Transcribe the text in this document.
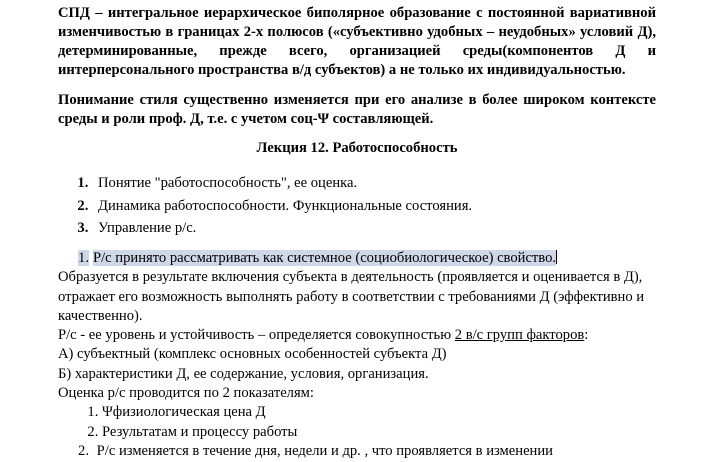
СПД – интегральное иерархическое биполярное образование с постоянной вариативной изменчивостью в границах 2-х полюсов («субъективно удобных – неудобных» условий Д), детерминированные, прежде всего, организацией среды(компонентов Д и интерперсонального пространства в/д субъектов) а не только их индивидуальностью.
Понимание стиля существенно изменяется при его анализе в более широком контексте среды и роли проф. Д, т.е. с учетом соц-Ψ составляющей.
Лекция 12. Работоспособность
1. Понятие "работоспособность", ее оценка.
2. Динамика работоспособности. Функциональные состояния.
3. Управление р/с.

1. Р/с принято рассматривать как системное (социобиологическое) свойство.

Образуется в результате включения субъекта в деятельность (проявляется и оценивается в Д), отражает его возможность выполнять работу в соответствии с требованиями Д (эффективно и качественно).

Р/с - ее уровень и устойчивость – определяется совокупностью 2 в/с групп факторов:

А) субъектный (комплекс основных особенностей субъекта Д)

Б) характеристики Д, ее содержание, условия, организация.

Оценка р/с проводится по 2 показателям:

1. Ψфизиологическая цена Д
2. Результатам и процессу работы

2. Р/с изменяется в течение дня, недели и др. , что проявляется в изменении
